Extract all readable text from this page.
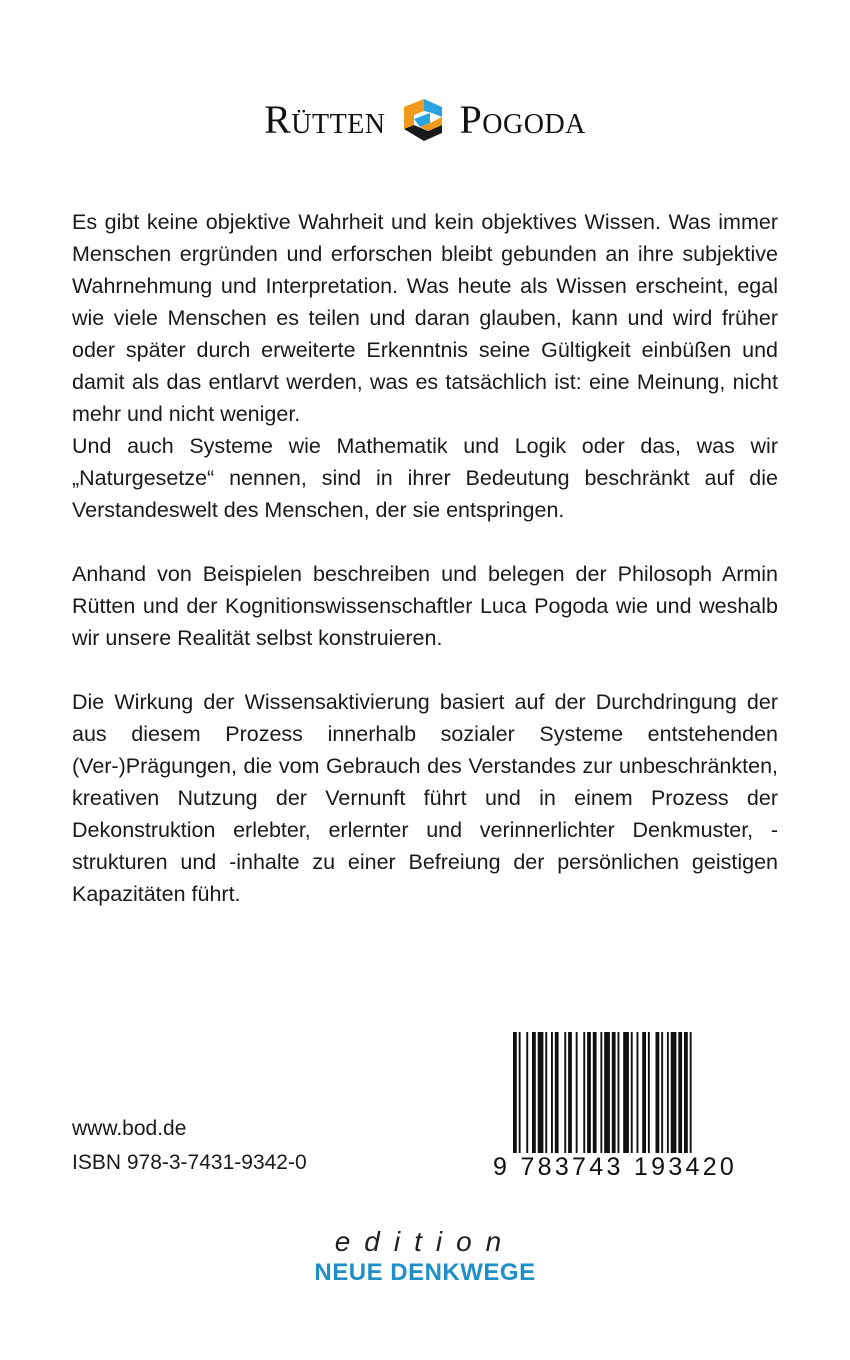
Rütten Pogoda

Es gibt keine objektive Wahrheit und kein objektives Wissen. Was immer Menschen ergründen und erforschen bleibt gebunden an ihre subjektive Wahrnehmung und Interpretation. Was heute als Wissen erscheint, egal wie viele Menschen es teilen und daran glauben, kann und wird früher oder später durch erweiterte Erkenntnis seine Gültigkeit einbüßen und damit als das entlarvt werden, was es tatsächlich ist: eine Meinung, nicht mehr und nicht weniger.

Und auch Systeme wie Mathematik und Logik oder das, was wir „Naturgesetze“ nennen, sind in ihrer Bedeutung beschränkt auf die Verstandeswelt des Menschen, der sie entspringen.

Anhand von Beispielen beschreiben und belegen der Philosoph Armin Rütten und der Kognitionswissenschaftler Luca Pogoda wie und weshalb wir unsere Realität selbst konstruieren.

Die Wirkung der Wissensaktivierung basiert auf der Durchdringung der aus diesem Prozess innerhalb sozialer Systeme entstehenden (Ver-)Prägungen, die vom Gebrauch des Verstandes zur unbeschränkten, kreativen Nutzung der Vernunft führt und in einem Prozess der Dekonstruktion erlebter, erlernter und verinnerlichter Denkmuster, -strukturen und -inhalte zu einer Befreiung der persönlichen geistigen Kapazitäten führt.

www.bod.de
ISBN 978-3-7431-9342-0	9 783743 193420
edition
NEUE DENKWEGE
